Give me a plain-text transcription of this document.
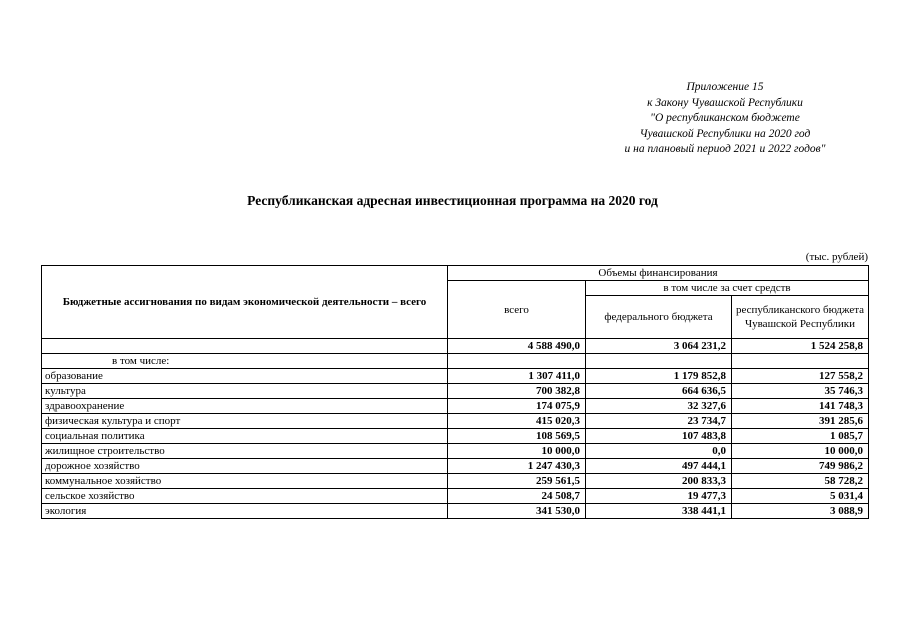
Приложение 15
к Закону Чувашской Республики
"О республиканском бюджете
Чувашской Республики на 2020 год
и на плановый период 2021 и 2022 годов"
Республиканская адресная инвестиционная программа на 2020 год
(тыс. рублей)
Бюджетные ассигнования по видам экономической деятельности – всего	Объемы финансирования		
	всего	в том числе за счет средств	
		федерального бюджета	республиканского бюджета Чувашской Республики
	4 588 490,0	3 064 231,2	1 524 258,8
в том числе:			
образование	1 307 411,0	1 179 852,8	127 558,2
культура	700 382,8	664 636,5	35 746,3
здравоохранение	174 075,9	32 327,6	141 748,3
физическая культура и спорт	415 020,3	23 734,7	391 285,6
социальная политика	108 569,5	107 483,8	1 085,7
жилищное строительство	10 000,0	0,0	10 000,0
дорожное хозяйство	1 247 430,3	497 444,1	749 986,2
коммунальное хозяйство	259 561,5	200 833,3	58 728,2
сельское хозяйство	24 508,7	19 477,3	5 031,4
экология	341 530,0	338 441,1	3 088,9
